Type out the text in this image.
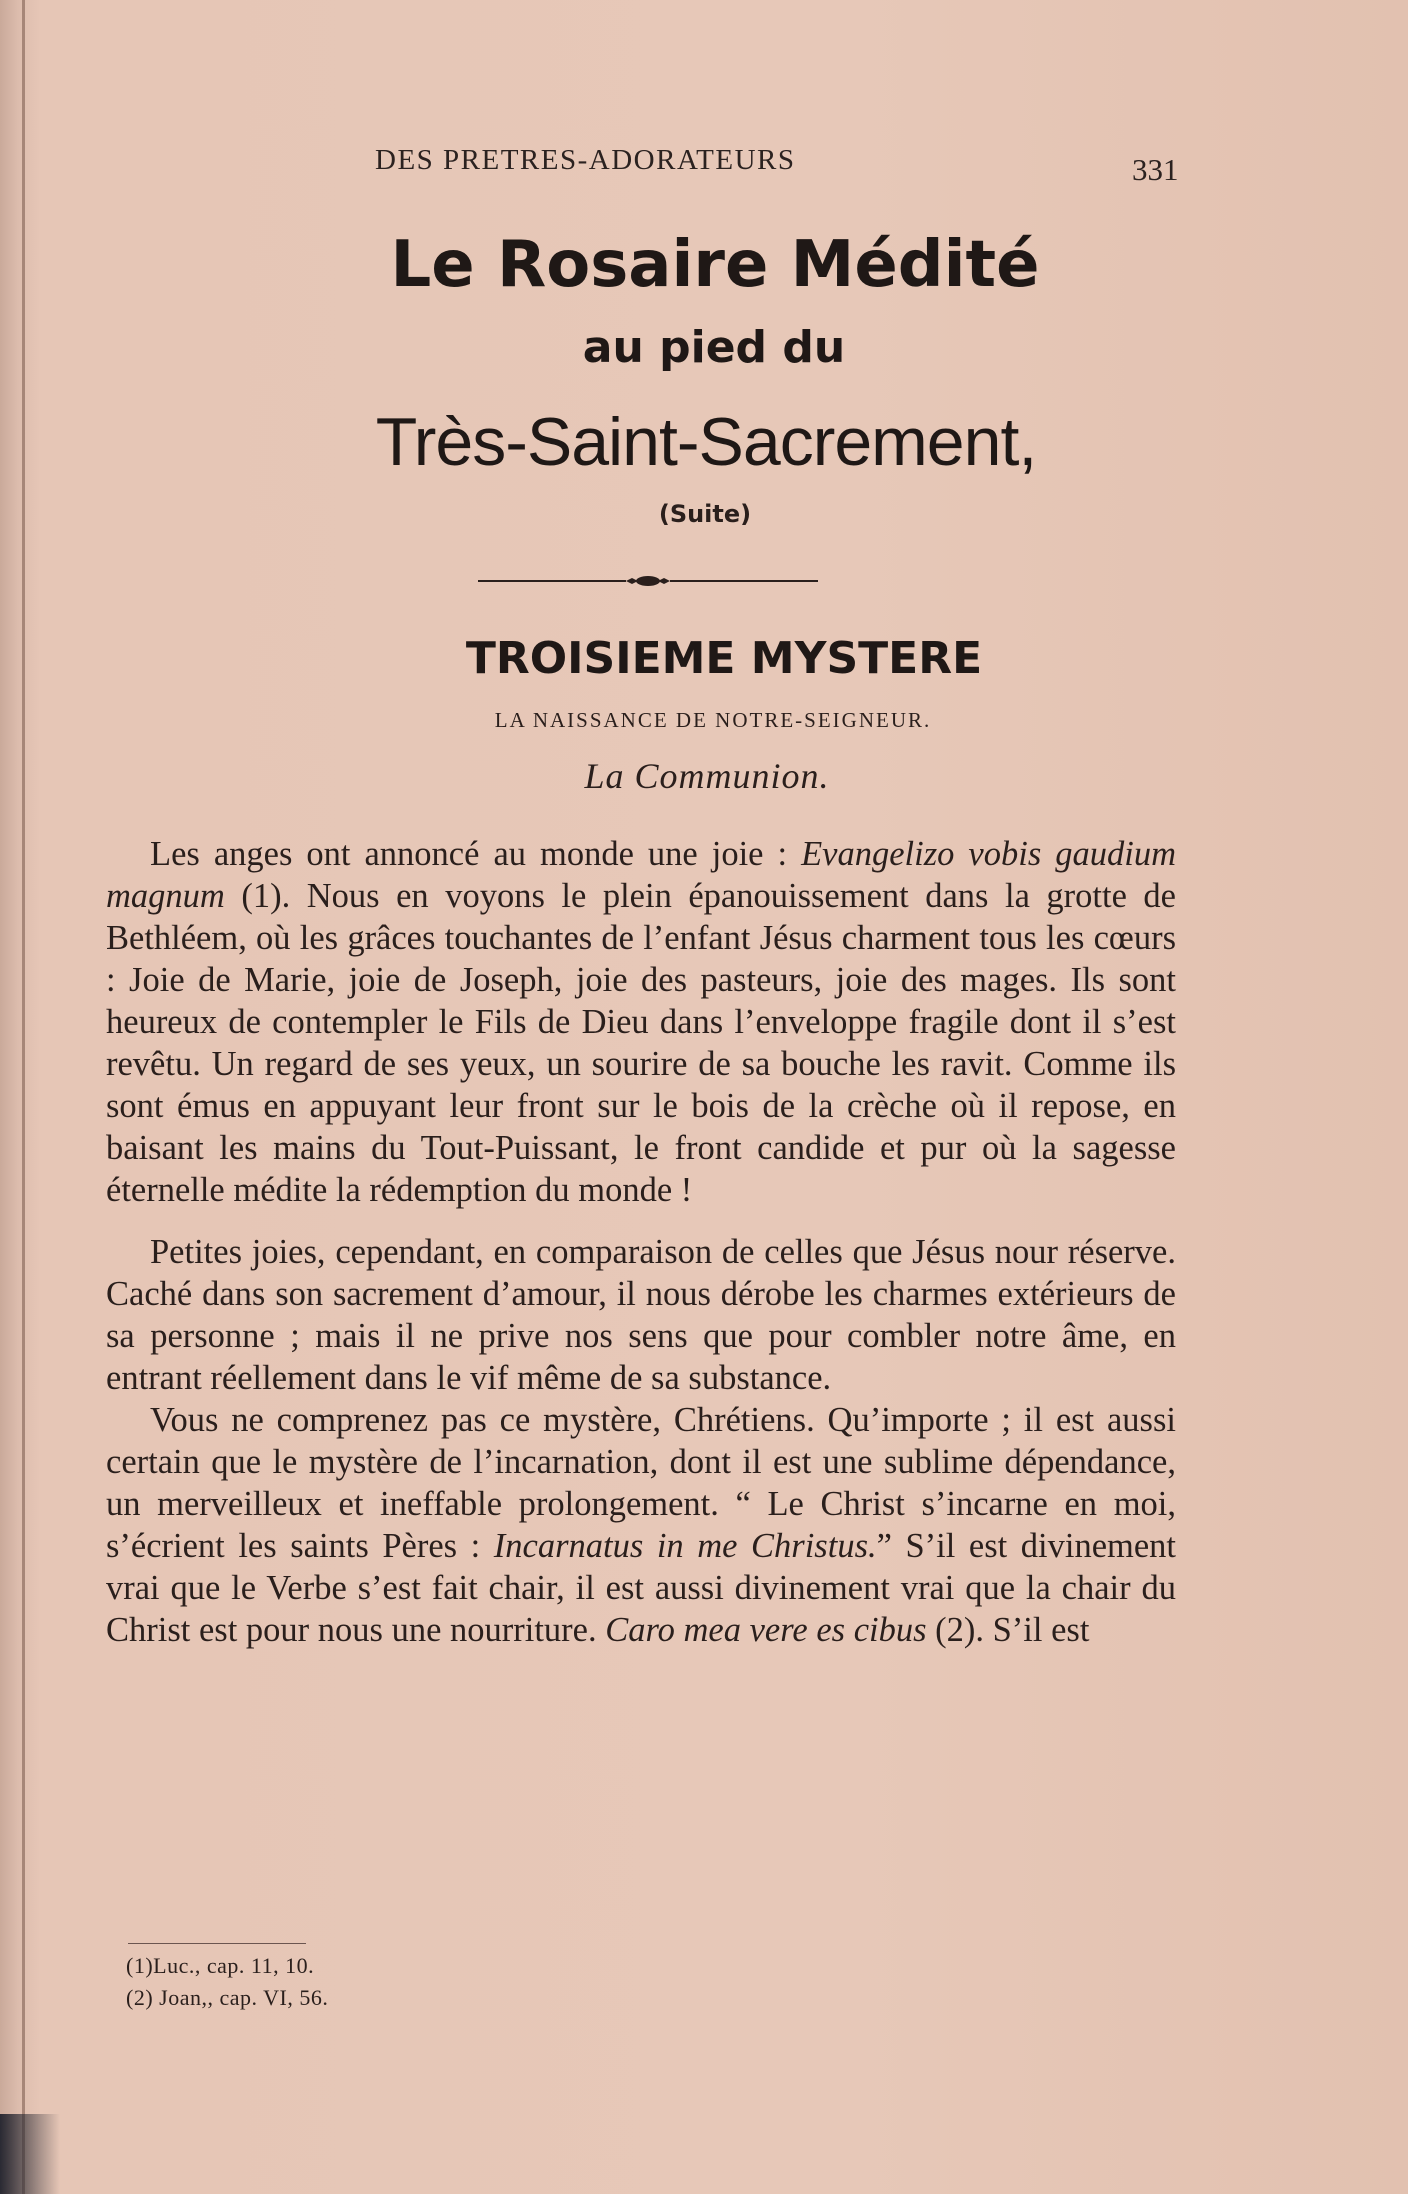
DES PRETRES-ADORATEURS	331
Le Rosaire Médité
au pied du
Très-Saint-Sacrement,
(Suite)
TROISIEME MYSTERE
LA NAISSANCE DE NOTRE-SEIGNEUR.
La Communion.

Les anges ont annoncé au monde une joie : Evangelizo vobis gaudium magnum (1). Nous en voyons le plein épanouissement dans la grotte de Bethléem, où les grâces touchantes de l’enfant Jésus charment tous les cœurs : Joie de Marie, joie de Joseph, joie des pasteurs, joie des mages. Ils sont heureux de contempler le Fils de Dieu dans l’enveloppe fragile dont il s’est revêtu. Un regard de ses yeux, un sourire de sa bouche les ravit. Comme ils sont émus en appuyant leur front sur le bois de la crèche où il repose, en baisant les mains du Tout-Puissant, le front candide et pur où la sagesse éternelle médite la rédemption du monde !

Petites joies, cependant, en comparaison de celles que Jésus nour réserve. Caché dans son sacrement d’amour, il nous dérobe les charmes extérieurs de sa personne ; mais il ne prive nos sens que pour combler notre âme, en entrant réellement dans le vif même de sa substance.

Vous ne comprenez pas ce mystère, Chrétiens. Qu’importe ; il est aussi certain que le mystère de l’incarnation, dont il est une sublime dépendance, un merveilleux et ineffable prolongement. “ Le Christ s’incarne en moi, s’écrient les saints Pères : Incarnatus in me Christus.” S’il est divinement vrai que le Verbe s’est fait chair, il est aussi divinement vrai que la chair du Christ est pour nous une nourriture. Caro mea vere es cibus (2). S’il est

(1)Luc., cap. 11, 10.
(2) Joan,, cap. VI, 56.
